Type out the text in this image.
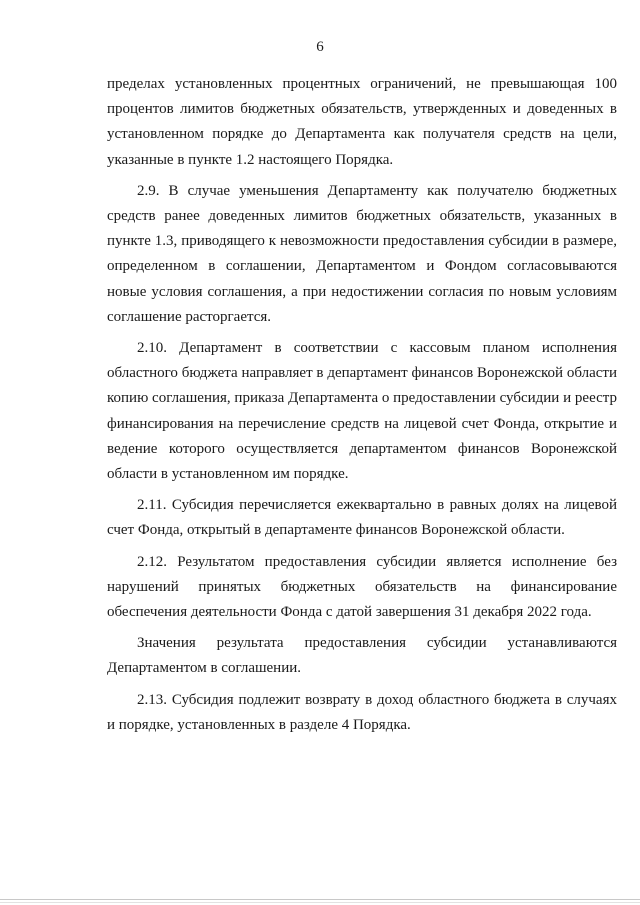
6

пределах установленных процентных ограничений, не превышающая 100 процентов лимитов бюджетных обязательств, утвержденных и доведенных в установленном порядке до Департамента как получателя средств на цели, указанные в пункте 1.2 настоящего Порядка.

2.9. В случае уменьшения Департаменту как получателю бюджетных средств ранее доведенных лимитов бюджетных обязательств, указанных в пункте 1.3, приводящего к невозможности предоставления субсидии в размере, определенном в соглашении, Департаментом и Фондом согласовываются новые условия соглашения, а при недостижении согласия по новым условиям соглашение расторгается.

2.10. Департамент в соответствии с кассовым планом исполнения областного бюджета направляет в департамент финансов Воронежской области копию соглашения, приказа Департамента о предоставлении субсидии и реестр финансирования на перечисление средств на лицевой счет Фонда, открытие и ведение которого осуществляется департаментом финансов Воронежской области в установленном им порядке.

2.11. Субсидия перечисляется ежеквартально в равных долях на лицевой счет Фонда, открытый в департаменте финансов Воронежской области.

2.12. Результатом предоставления субсидии является исполнение без нарушений принятых бюджетных обязательств на финансирование обеспечения деятельности Фонда с датой завершения 31 декабря 2022 года.

Значения результата предоставления субсидии устанавливаются Департаментом в соглашении.

2.13. Субсидия подлежит возврату в доход областного бюджета в случаях и порядке, установленных в разделе 4 Порядка.
